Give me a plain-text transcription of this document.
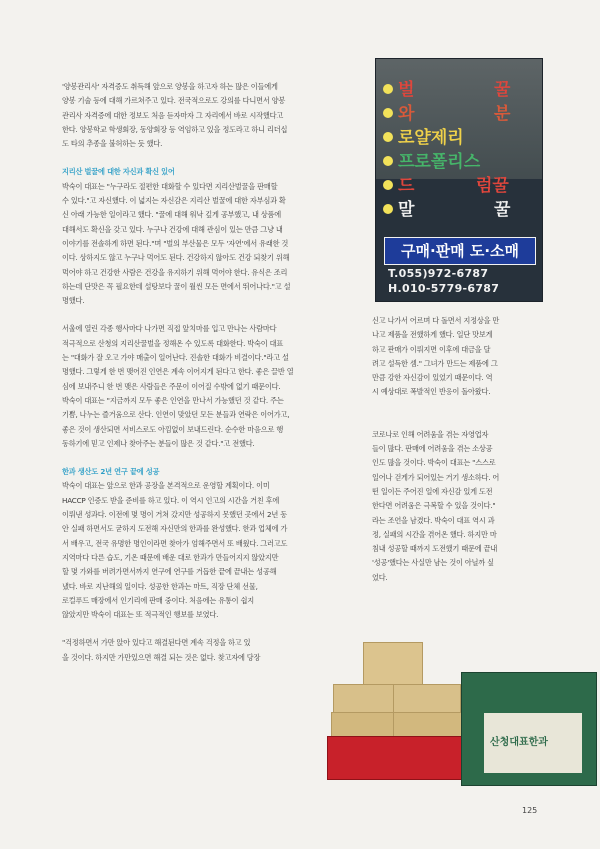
'양봉관리사' 자격증도 취득해 앞으로 양봉을 하고자 하는 많은 이들에게

양봉 기술 등에 대해 가르쳐주고 있다. 전국적으로도 강의를 다니면서 양봉

관리사 자격증에 대한 정보도 처음 듣자마자 그 자리에서 바로 시작했다고

한다. 양봉학교 학생회장, 동양회장 등 역임하고 있을 정도라고 하니 리더십

도 타의 추종을 불허하는 듯 했다.

지리산 벌꿀에 대한 자신과 확신 있어

박숙이 대표는 "누구라도 절편한 대화할 수 있다면 지리산벌꿀을 판매할

수 있다."고 자신했다. 이 넓지는 자신감은 지리산 벌꿀에 대한 자부심과 확

신 아래 가능한 일이라고 했다. "꿀에 대해 워낙 깊게 공부했고, 내 상품에

대해서도 확신을 갖고 있다. 누구나 건강에 대해 관심이 있는 만큼 그냥 내

이야기를 전솔하게 하면 된다."며 "벌의 부산물은 모두 '자연'에서 유래한 것

이다. 상하지도 않고 누구나 먹어도 된다. 건강하지 않아도 건강 되찾기 위해

먹어야 하고 건강한 사람은 건강을 유지하기 위해 먹어야 한다. 유식은 조리

하는데 단맛은 꼭 필요한데 설탕보다 꿀이 월씬 모든 면에서 뛰어나다."고 설

명했다.

서울에 열린 각종 행사마다 나가면 직접 앞치마를 입고 만나는 사람마다

적극적으로 산청의 지리산꿀벌을 정해온 수 있도록 대화한다. 박숙이 대표

는 "대화가 잘 오고 가야 매출이 일어난다. 진솔한 대화가 비결이다."라고 설

명했다. 그렇게 한 번 맺어진 인연은 계속 이어지게 된다고 한다. 좋은 끌반 열

심에 보내주니 한 번 맺은 사람들은 주문이 이어질 수밖에 없기 때문이다.

박숙이 대표는 "지금까지 모두 좋은 인연을 만나서 가능했던 것 같다. 주는

기쁨, 나누는 즐거움으로 산다. 인연이 맞았던 모든 분들과 연락은 이어가고,

좋은 것이 생산되면 서비스로도 아낌없이 보내드린다. 순수한 마음으로 행

동하기에 믿고 인제나 찾아주는 분들이 많은 것 같다."고 전했다.

한과 생산도 2년 연구 끝에 성공

박숙이 대표는 앞으로 한과 공장을 본격적으로 운영할 계획이다. 이미

HACCP 인증도 받을 준비를 하고 있다. 이 역시 인고의 시간을 거친 후에

이뤄낸 성과다. 이전에 몇 명이 거쳐 갔지만 성공하지 못했던 곳에서 2년 동

안 실패 하면서도 굳하지 도전해 자신만의 한과를 완성했다. 한과 업체에 가

서 배우고, 전국 유명한 명인이라면 찾아가 엄해주면서 또 배웠다. 그러고도

지역마다 다른 습도, 기온 때문에 배운 대로 한과가 만들어지지 않았지만

할 몇 가와를 버려가면서까지 연구에 연구를 거듭한 끝에 끝내는 성공해

냈다. 바로 지난해의 일이다. 성공한 한과는 마트, 직장 단체 선물,

로컬푸드 매장에서 인기리에 판매 중이다. 처음에는 유통이 쉽지

않았지만 박숙이 대표는 또 적극적인 행보를 보였다.

"걱정하면서 가만 앉아 있다고 해결된다면 계속 걱정을 하고 있

을 것이다. 하지만 가만있으면 해결 되는 것은 없다. 찾고자에 당장

벌	꿀
와	분
로얄제리
프로폴리스
드	럼꿀
말	꿀
구매·판매 도·소매
T.055)972-6787
H.010-5779-6787

신고 나가서 어르며 다 돌면서 지정상을 만

나고 제품을 전했하게 했다. 일단 맛보게

하고 판매가 이뤄지면 이후에 대금을 달

려고 설득한 셈." 그녀가 만드는 제품에 그

만큼 강한 자신감이 있었기 때문이다. 역

시 예상대로 폭발적인 반응이 돌아왔다.

코로나로 인해 어려움을 겪는 자영업자

들이 많다. 판매에 어려움을 겪는 소상공

인도 많을 것이다. 박숙이 대표는 "스스로

일어나 걷게가 되어있는 거기 생소하다. 어

떤 일이든 주어진 일에 자신감 있게 도전

한다면 어려움은 극복할 수 있을 것이다."

라는 조언을 남겼다. 박숙이 대표 역시 과

정, 실패의 시간을 겪어온 했다. 하지만 마

침내 성공할 때까지 도전했기 때문에 끝내

'성공'했다는 사실만 남는 것이 아닐까 싶

었다.

산청대표한과
125
